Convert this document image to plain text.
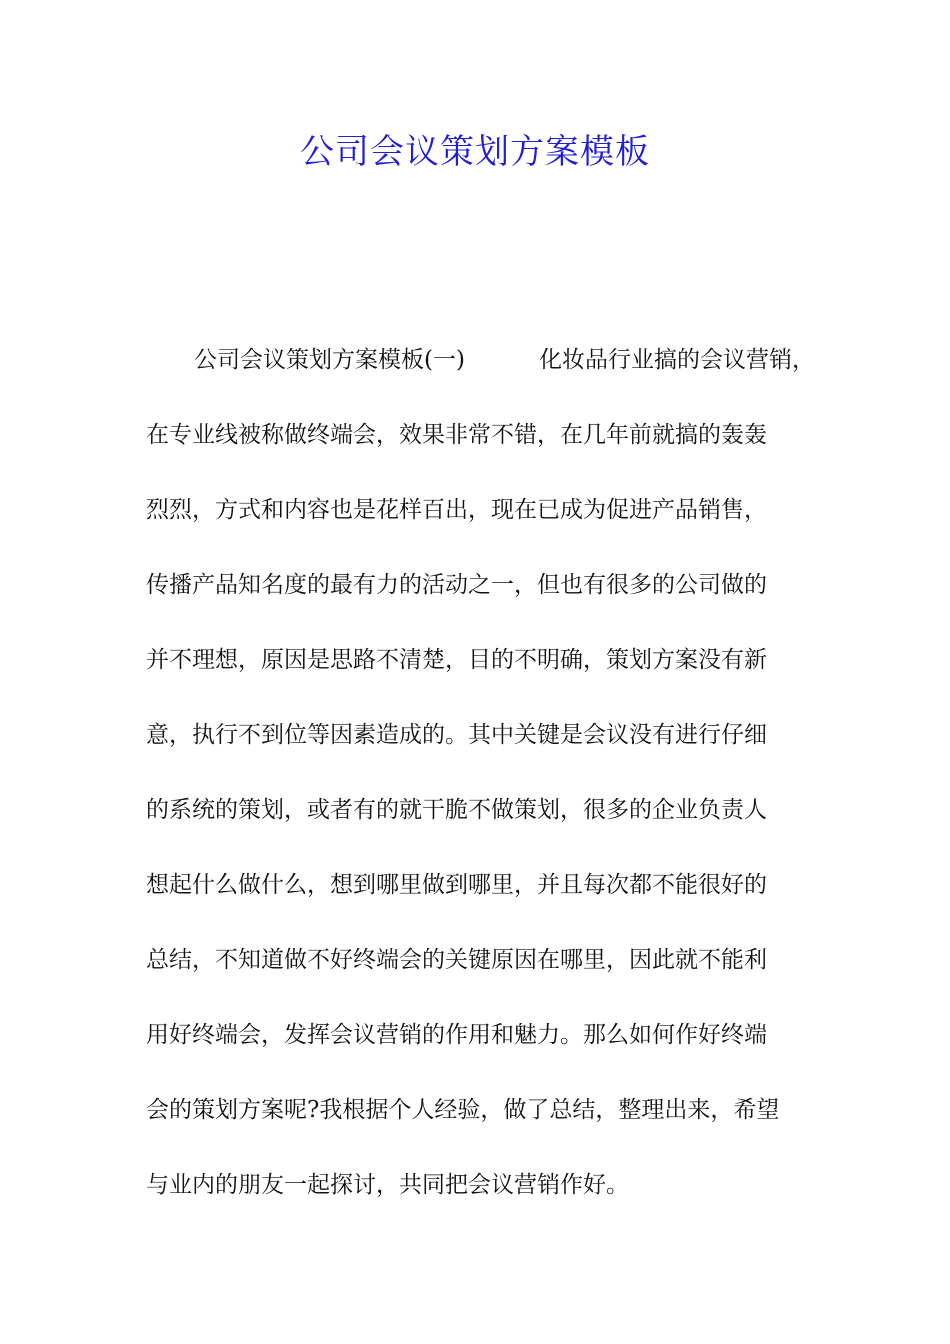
公司会议策划方案模板
公司会议策划方案模板(一)	化妆品行业搞的会议营销，
在专业线被称做终端会，效果非常不错，在几年前就搞的轰轰
烈烈，方式和内容也是花样百出，现在已成为促进产品销售，
传播产品知名度的最有力的活动之一，但也有很多的公司做的
并不理想，原因是思路不清楚，目的不明确，策划方案没有新
意，执行不到位等因素造成的。其中关键是会议没有进行仔细
的系统的策划，或者有的就干脆不做策划，很多的企业负责人
想起什么做什么，想到哪里做到哪里，并且每次都不能很好的
总结，不知道做不好终端会的关键原因在哪里，因此就不能利
用好终端会，发挥会议营销的作用和魅力。那么如何作好终端
会的策划方案呢?我根据个人经验，做了总结，整理出来，希望
与业内的朋友一起探讨，共同把会议营销作好。
